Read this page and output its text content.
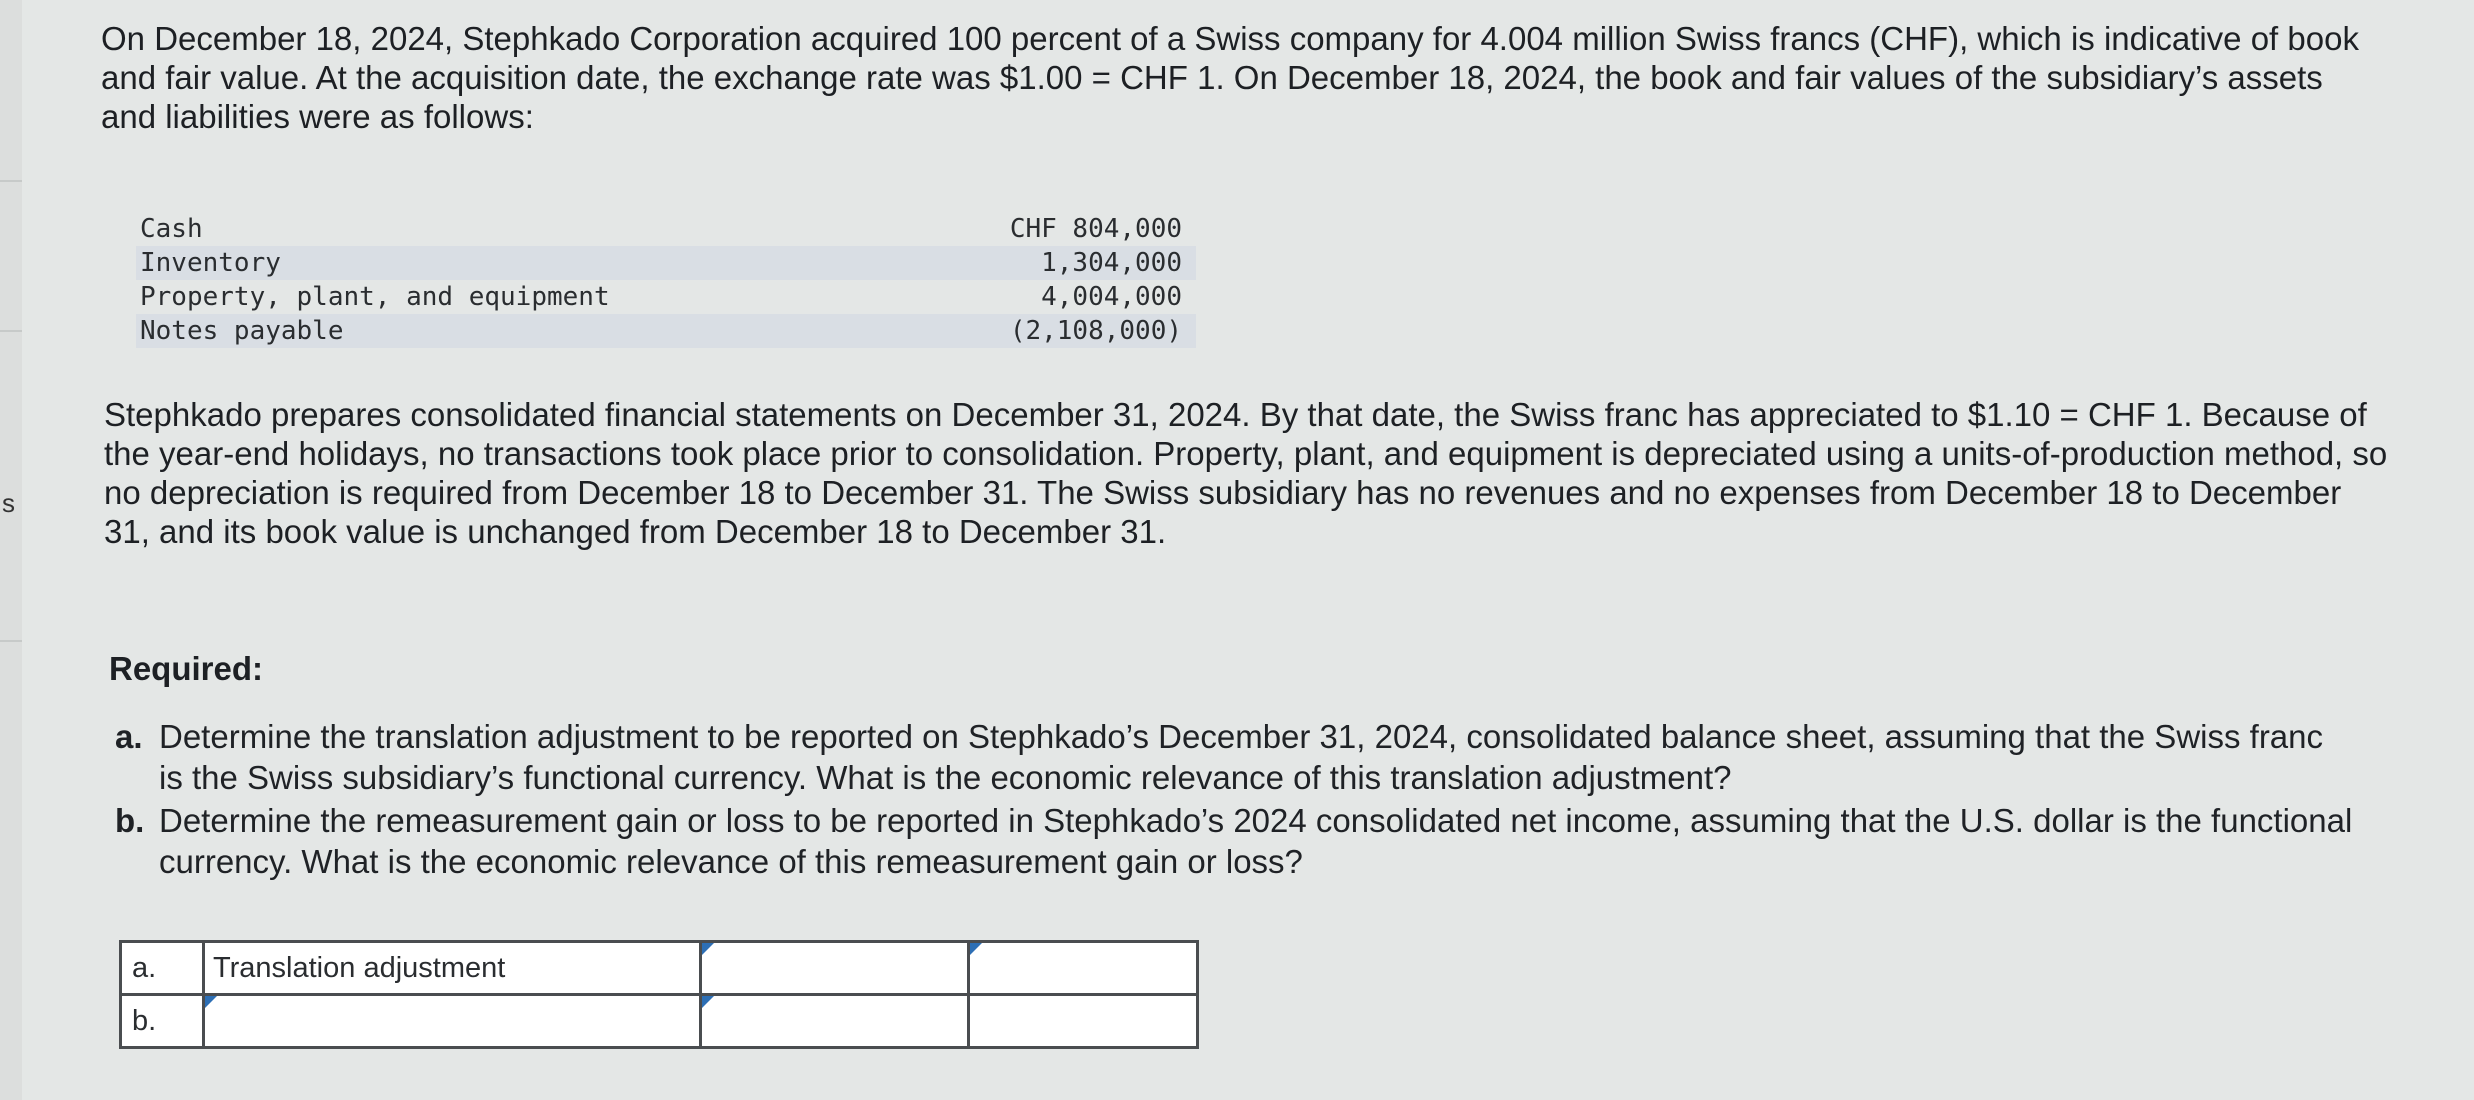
s

On December 18, 2024, Stephkado Corporation acquired 100 percent of a Swiss company for 4.004 million Swiss francs (CHF), which is indicative of book and fair value. At the acquisition date, the exchange rate was $1.00 = CHF 1. On December 18, 2024, the book and fair values of the subsidiary’s assets and liabilities were as follows:

Cash	CHF 804,000
Inventory	1,304,000
Property, plant, and equipment	4,004,000
Notes payable	(2,108,000)

Stephkado prepares consolidated financial statements on December 31, 2024. By that date, the Swiss franc has appreciated to $1.10 = CHF 1. Because of the year-end holidays, no transactions took place prior to consolidation. Property, plant, and equipment is depreciated using a units-of-production method, so no depreciation is required from December 18 to December 31. The Swiss subsidiary has no revenues and no expenses from December 18 to December 31, and its book value is unchanged from December 18 to December 31.

Required:

a. Determine the translation adjustment to be reported on Stephkado’s December 31, 2024, consolidated balance sheet, assuming that the Swiss franc is the Swiss subsidiary’s functional currency. What is the economic relevance of this translation adjustment?
b. Determine the remeasurement gain or loss to be reported in Stephkado’s 2024 consolidated net income, assuming that the U.S. dollar is the functional currency. What is the economic relevance of this remeasurement gain or loss?
a.	Translation adjustment	

b.	
